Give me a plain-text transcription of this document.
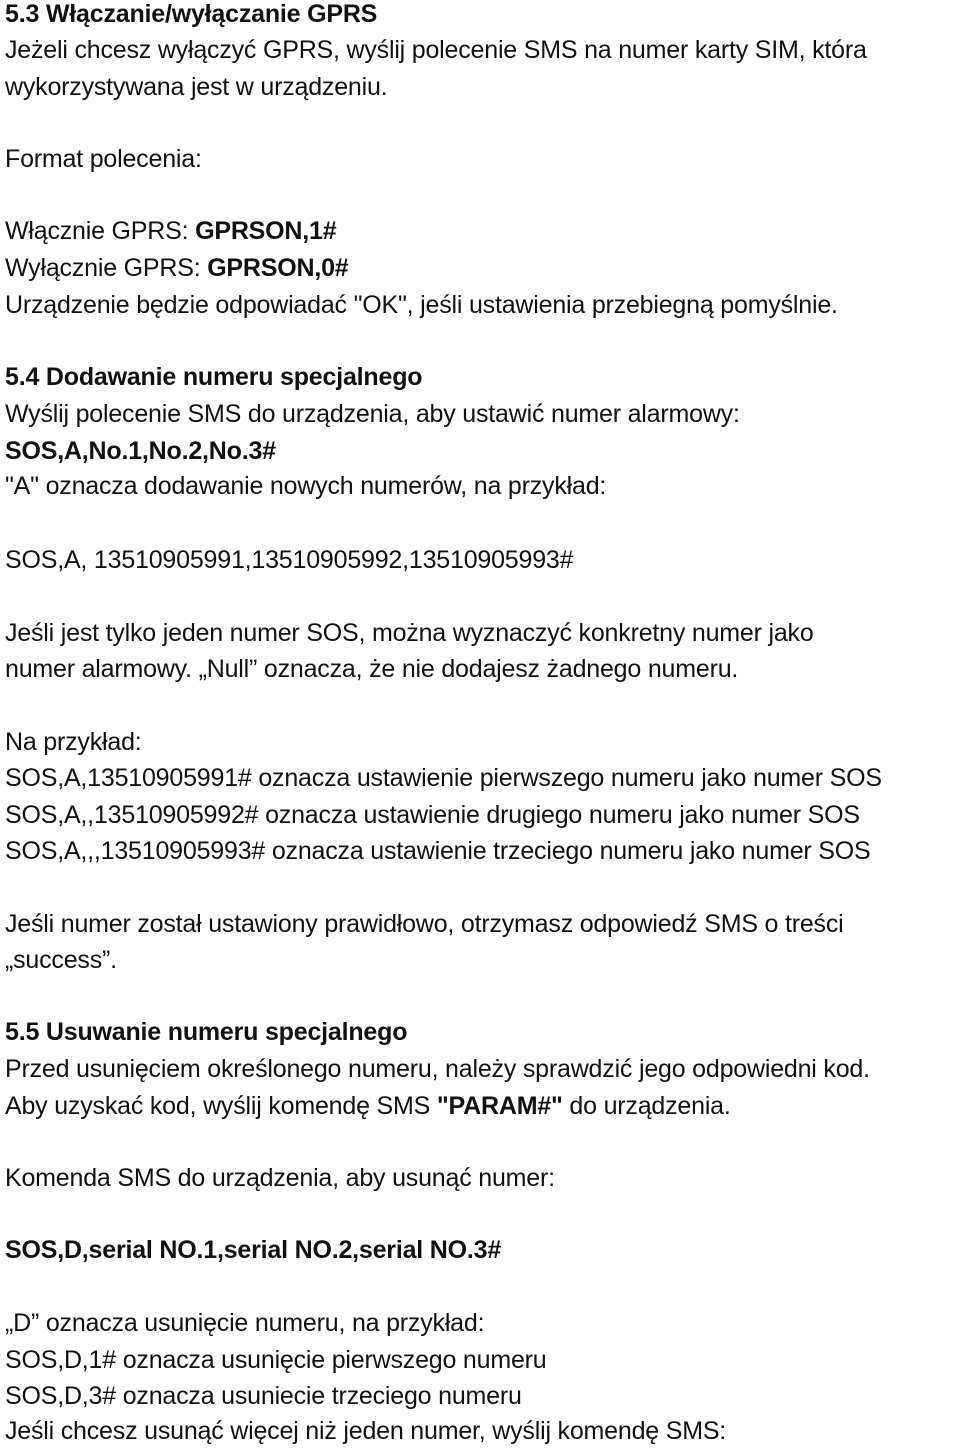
5.3 Włączanie/wyłączanie GPRS
Jeżeli chcesz wyłączyć GPRS, wyślij polecenie SMS na numer karty SIM, która
wykorzystywana jest w urządzeniu.
Format polecenia:
Włącznie GPRS: GPRSON,1#
Wyłącznie GPRS: GPRSON,0#
Urządzenie będzie odpowiadać "OK", jeśli ustawienia przebiegną pomyślnie.
5.4 Dodawanie numeru specjalnego
Wyślij polecenie SMS do urządzenia, aby ustawić numer alarmowy:
SOS,A,No.1,No.2,No.3#
"A" oznacza dodawanie nowych numerów, na przykład:
SOS,A, 13510905991,13510905992,13510905993#
Jeśli jest tylko jeden numer SOS, można wyznaczyć konkretny numer jako
numer alarmowy. „Null” oznacza, że nie dodajesz żadnego numeru.
Na przykład:
SOS,A,13510905991# oznacza ustawienie pierwszego numeru jako numer SOS
SOS,A,,13510905992# oznacza ustawienie drugiego numeru jako numer SOS
SOS,A,,,13510905993# oznacza ustawienie trzeciego numeru jako numer SOS
Jeśli numer został ustawiony prawidłowo, otrzymasz odpowiedź SMS o treści
„success”.
5.5 Usuwanie numeru specjalnego
Przed usunięciem określonego numeru, należy sprawdzić jego odpowiedni kod.
Aby uzyskać kod, wyślij komendę SMS "PARAM#" do urządzenia.
Komenda SMS do urządzenia, aby usunąć numer:
SOS,D,serial NO.1,serial NO.2,serial NO.3#
„D” oznacza usunięcie numeru, na przykład:
SOS,D,1# oznacza usunięcie pierwszego numeru
SOS,D,3# oznacza usuniecie trzeciego numeru
Jeśli chcesz usunąć więcej niż jeden numer, wyślij komendę SMS:
